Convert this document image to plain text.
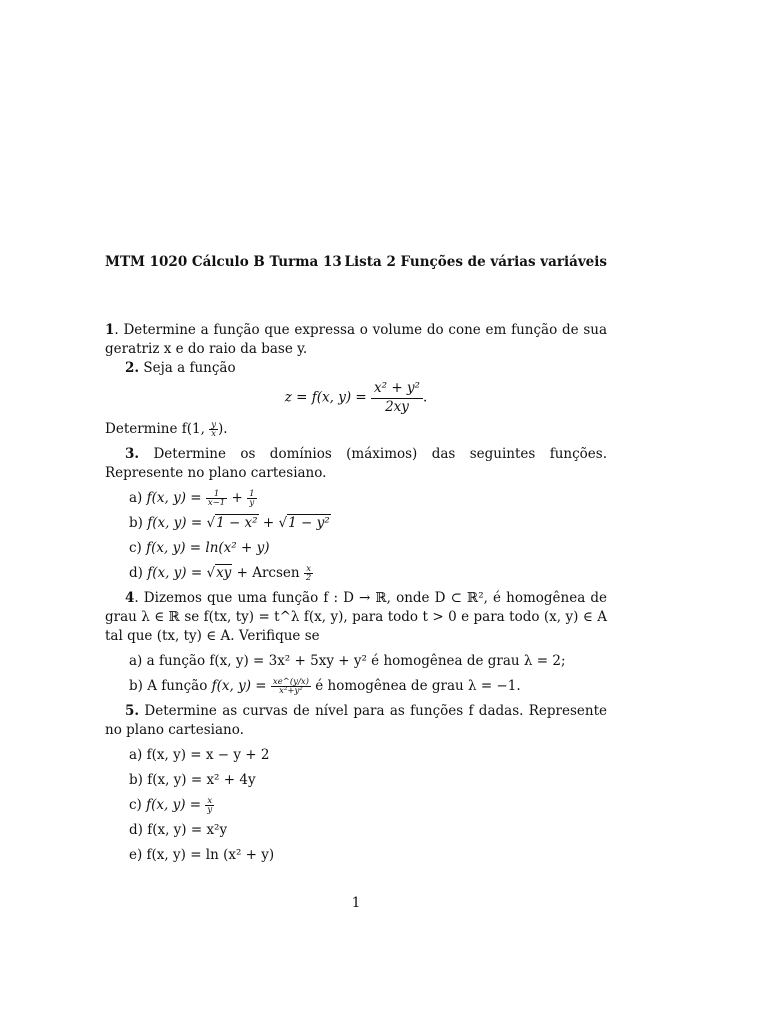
MTM 1020 Cálculo B Turma 13 Lista 2 Funções de várias variáveis

1. Determine a função que expressa o volume do cone em função de sua geratriz x e do raio da base y.

2. Seja a função

z = f(x, $y) = \frac{\text{x² + y²}}{2xy}$ .

Determine f(1, $\frac{y}{x}$ ).

3. Determine os domínios (máximos) das seguintes funções. Represente no plano cartesiano.

a) f(x, $y) = \frac{1}{x-1} + \frac{1}{y}$
b) f(x, y) = √1 − x² + √1 − y²
c) f(x, y) = ln(x² + y)
d) f(x, y) = √xy + Arcsen $\frac{x}{2}$

4. Dizemos que uma função f : D → ℝ, onde D ⊂ ℝ², é homogênea de grau λ ∈ ℝ se f(tx, ty) = t^λ f(x, y), para todo t > 0 e para todo (x, y) ∈ A tal que (tx, ty) ∈ A. Verifique se

a) a função f(x, y) = 3x² + 5xy + y² é homogênea de grau λ = 2;
b) A função f(x, $y) = \frac{xe\^{}(y/x)}{\text{x²+y²}}$ é homogênea de grau λ = −1.

5. Determine as curvas de nível para as funções f dadas. Represente no plano cartesiano.

a) f(x, y) = x − y + 2
b) f(x, y) = x² + 4y
c) f(x, $y) = \frac{x}{y}$
d) f(x, y) = x²y
e) f(x, y) = ln (x² + y)
1
